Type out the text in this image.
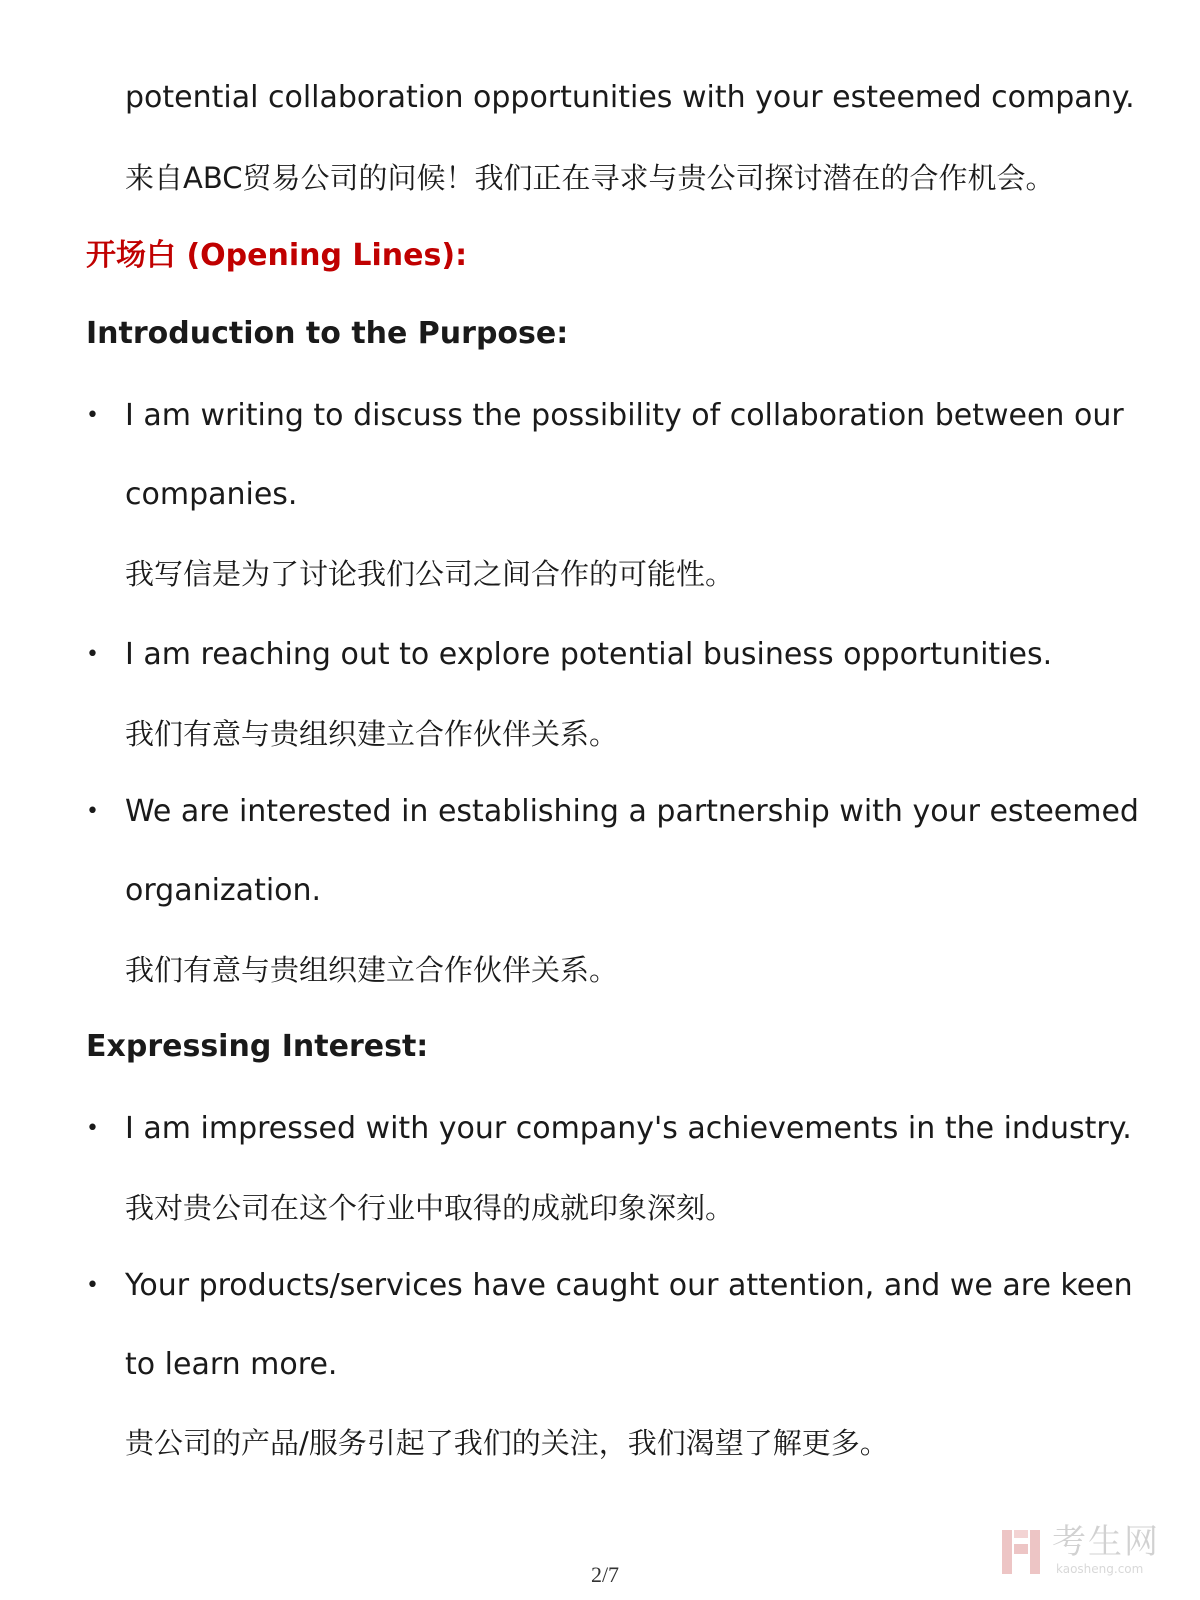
potential collaboration opportunities with your esteemed company.
来自ABC贸易公司的问候！我们正在寻求与贵公司探讨潜在的合作机会。
开场白 (Opening Lines):
Introduction to the Purpose:
• I am writing to discuss the possibility of collaboration between our
companies.
我写信是为了讨论我们公司之间合作的可能性。
• I am reaching out to explore potential business opportunities.
我们有意与贵组织建立合作伙伴关系。
• We are interested in establishing a partnership with your esteemed
organization.
我们有意与贵组织建立合作伙伴关系。
Expressing Interest:
• I am impressed with your company's achievements in the industry.
我对贵公司在这个行业中取得的成就印象深刻。
• Your products/services have caught our attention, and we are keen
to learn more.
贵公司的产品/服务引起了我们的关注，我们渴望了解更多。
2/7
考生网
kaosheng.com
